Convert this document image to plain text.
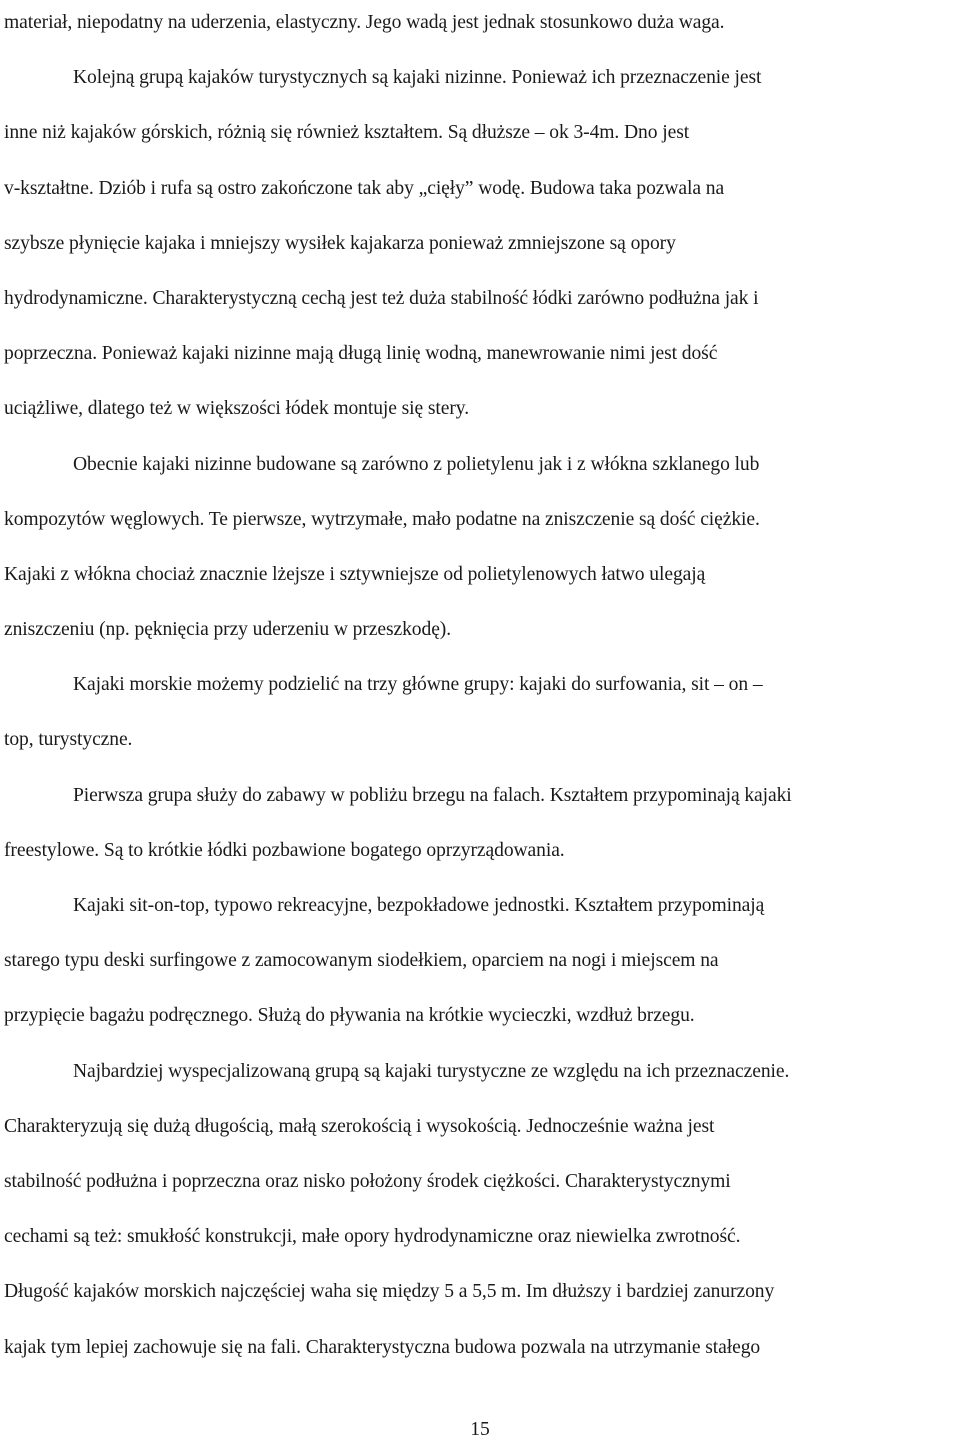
materiał, niepodatny na uderzenia, elastyczny. Jego wadą jest jednak stosunkowo duża waga.
Kolejną grupą kajaków turystycznych są kajaki nizinne. Ponieważ ich przeznaczenie jest
inne niż kajaków górskich, różnią się również kształtem. Są dłuższe – ok 3-4m. Dno jest
v-kształtne. Dziób i rufa są ostro zakończone tak aby „cięły” wodę. Budowa taka pozwala na
szybsze płynięcie kajaka i mniejszy wysiłek kajakarza ponieważ zmniejszone są opory
hydrodynamiczne. Charakterystyczną cechą jest też duża stabilność łódki zarówno podłużna jak i
poprzeczna. Ponieważ kajaki nizinne mają długą linię wodną, manewrowanie nimi jest dość
uciążliwe, dlatego też w większości łódek montuje się stery.
Obecnie kajaki nizinne budowane są zarówno z polietylenu jak i z włókna szklanego lub
kompozytów węglowych. Te pierwsze, wytrzymałe, mało podatne na zniszczenie są dość ciężkie.
Kajaki z włókna chociaż znacznie lżejsze i sztywniejsze od polietylenowych łatwo ulegają
zniszczeniu (np. pęknięcia przy uderzeniu w przeszkodę).
Kajaki morskie możemy podzielić na trzy główne grupy: kajaki do surfowania, sit – on –
top, turystyczne.
Pierwsza grupa służy do zabawy w pobliżu brzegu na falach. Kształtem przypominają kajaki
freestylowe. Są to krótkie łódki pozbawione bogatego oprzyrządowania.
Kajaki sit-on-top, typowo rekreacyjne, bezpokładowe jednostki. Kształtem przypominają
starego typu deski surfingowe z zamocowanym siodełkiem, oparciem na nogi i miejscem na
przypięcie bagażu podręcznego. Służą do pływania na krótkie wycieczki, wzdłuż brzegu.
Najbardziej wyspecjalizowaną grupą są kajaki turystyczne ze względu na ich przeznaczenie.
Charakteryzują się dużą długością, małą szerokością i wysokością. Jednocześnie ważna jest
stabilność podłużna i poprzeczna oraz nisko położony środek ciężkości. Charakterystycznymi
cechami są też: smukłość konstrukcji, małe opory hydrodynamiczne oraz niewielka zwrotność.
Długość kajaków morskich najczęściej waha się między 5 a 5,5 m. Im dłuższy i bardziej zanurzony
kajak tym lepiej zachowuje się na fali. Charakterystyczna budowa pozwala na utrzymanie stałego
15
